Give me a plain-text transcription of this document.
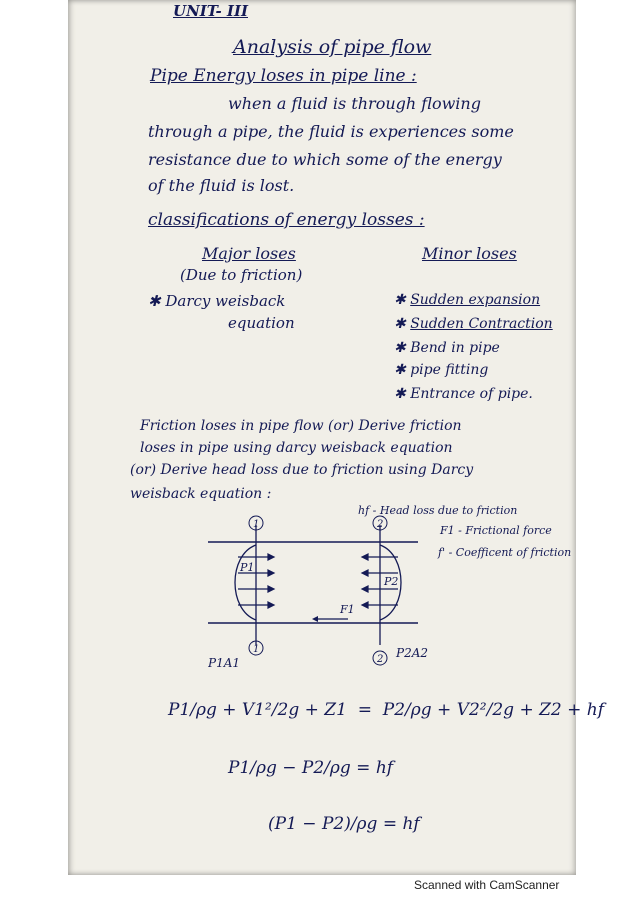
UNIT- III
Analysis of pipe flow
Pipe Energy loses in pipe line :
when a fluid is through flowing
through a pipe, the fluid is experiences some
resistance due to which some of the energy
of the fluid is lost.
classifications of energy losses :
Major loses
(Due to friction)
✱ Darcy weisback
equation
Minor loses
✱ Sudden expansion
✱ Sudden Contraction
✱ Bend in pipe
✱ pipe fitting
✱ Entrance of pipe.
Friction loses in pipe flow (or) Derive friction
loses in pipe using darcy weisback equation
(or) Derive head loss due to friction using Darcy
weisback equation :
hf - Head loss due to friction
F1 - Frictional force
f' - Coefficent of friction
1	2
1
2
P1
P2
F1
P1A1
P2A2
P1/ρg + V1²/2g + Z1  =  P2/ρg + V2²/2g + Z2 + hf
P1/ρg − P2/ρg = hf
(P1 − P2)/ρg = hf
Scanned with CamScanner
